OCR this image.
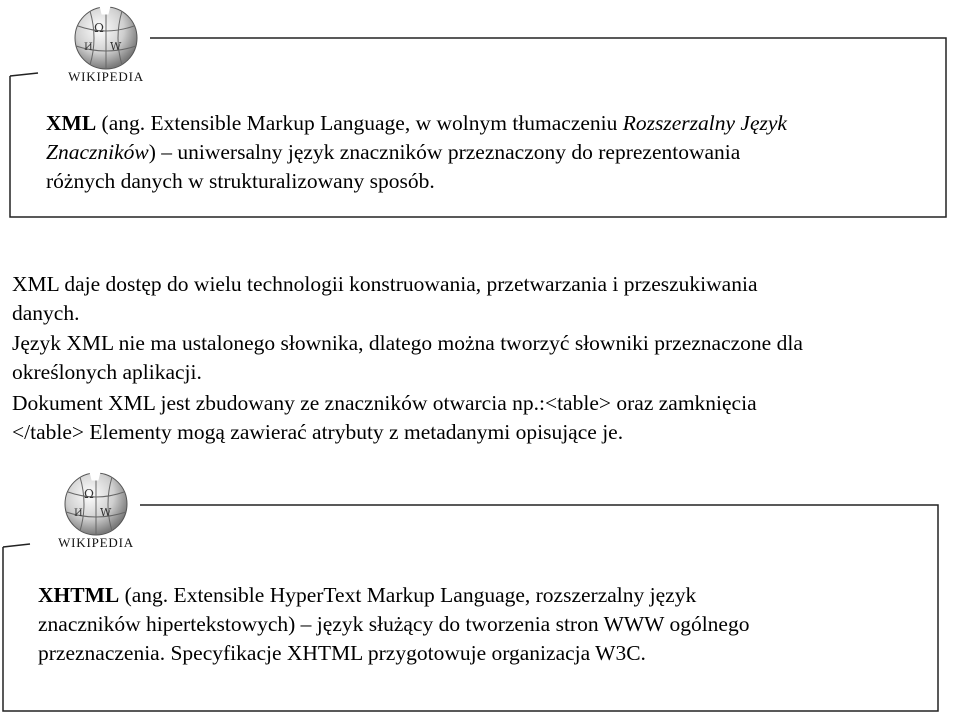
Ω
W
И
WIKIPEDIA
XML (ang. Extensible Markup Language, w wolnym tłumaczeniu Rozszerzalny Język
Znaczników) – uniwersalny język znaczników przeznaczony do reprezentowania
różnych danych w strukturalizowany sposób.
XML daje dostęp do wielu technologii konstruowania, przetwarzania i przeszukiwania
danych.
Język XML nie ma ustalonego słownika, dlatego można tworzyć słowniki przeznaczone dla
określonych aplikacji.
Dokument XML jest zbudowany ze znaczników otwarcia np.:<table> oraz zamknięcia
</table> Elementy mogą zawierać atrybuty z metadanymi opisujące je.
Ω
W
И
WIKIPEDIA
XHTML (ang. Extensible HyperText Markup Language, rozszerzalny język
znaczników hipertekstowych) – język służący do tworzenia stron WWW ogólnego
przeznaczenia. Specyfikacje XHTML przygotowuje organizacja W3C.
